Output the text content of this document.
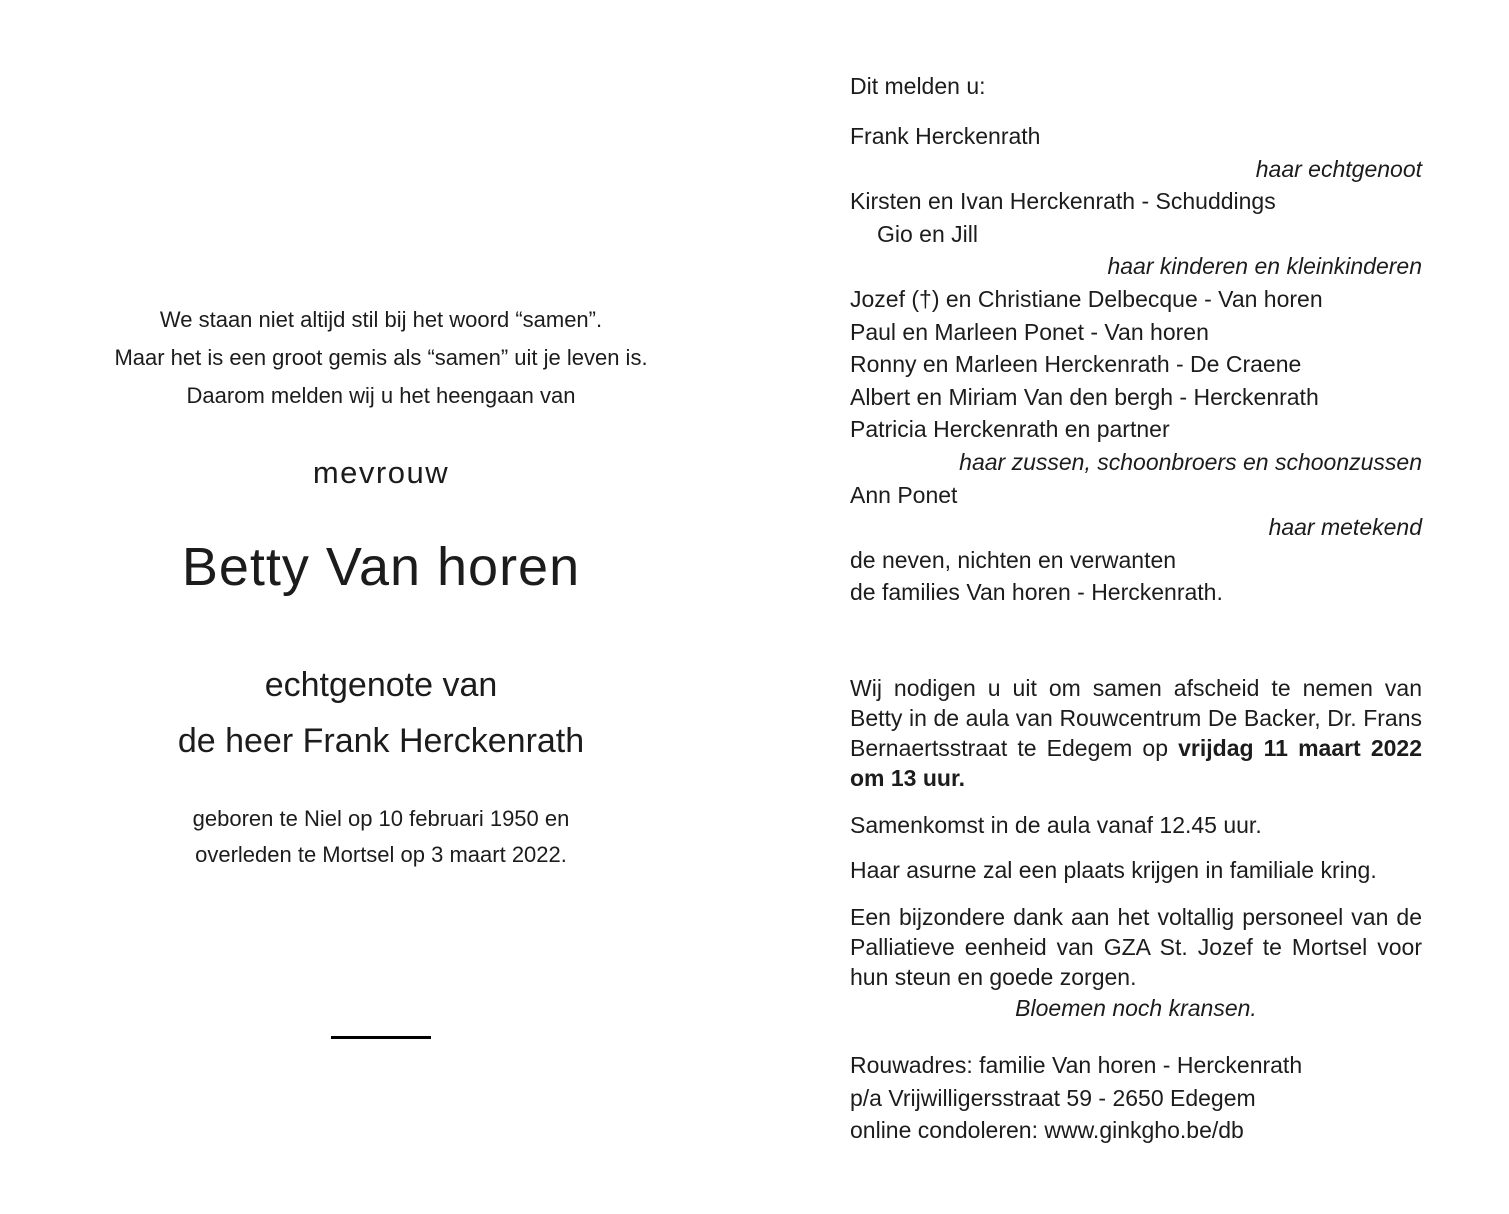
We staan niet altijd stil bij het woord “samen”.
Maar het is een groot gemis als “samen” uit je leven is.
Daarom melden wij u het heengaan van
mevrouw
Betty Van horen
echtgenote van
de heer Frank Herckenrath
geboren te Niel op 10 februari 1950 en
overleden te Mortsel op 3 maart 2022.

Dit melden u:

Frank Herckenrath
haar echtgenoot
Kirsten en Ivan Herckenrath - Schuddings
Gio en Jill
haar kinderen en kleinkinderen
Jozef (†) en Christiane Delbecque - Van horen
Paul en Marleen Ponet - Van horen
Ronny en Marleen Herckenrath - De Craene
Albert en Miriam Van den bergh - Herckenrath
Patricia Herckenrath en partner
haar zussen, schoonbroers en schoonzussen
Ann Ponet
haar metekend
de neven, nichten en verwanten
de families Van horen - Herckenrath.

Wij nodigen u uit om samen afscheid te nemen van Betty in de aula van Rouwcentrum De Backer, Dr. Frans Bernaertsstraat te Edegem op vrijdag 11 maart 2022 om 13 uur.

Samenkomst in de aula vanaf 12.45 uur.

Haar asurne zal een plaats krijgen in familiale kring.

Een bijzondere dank aan het voltallig personeel van de Palliatieve eenheid van GZA St. Jozef te Mortsel voor hun steun en goede zorgen.

Bloemen noch kransen.

Rouwadres: familie Van horen - Herckenrath
p/a Vrijwilligersstraat 59 - 2650 Edegem
online condoleren: www.ginkgho.be/db
